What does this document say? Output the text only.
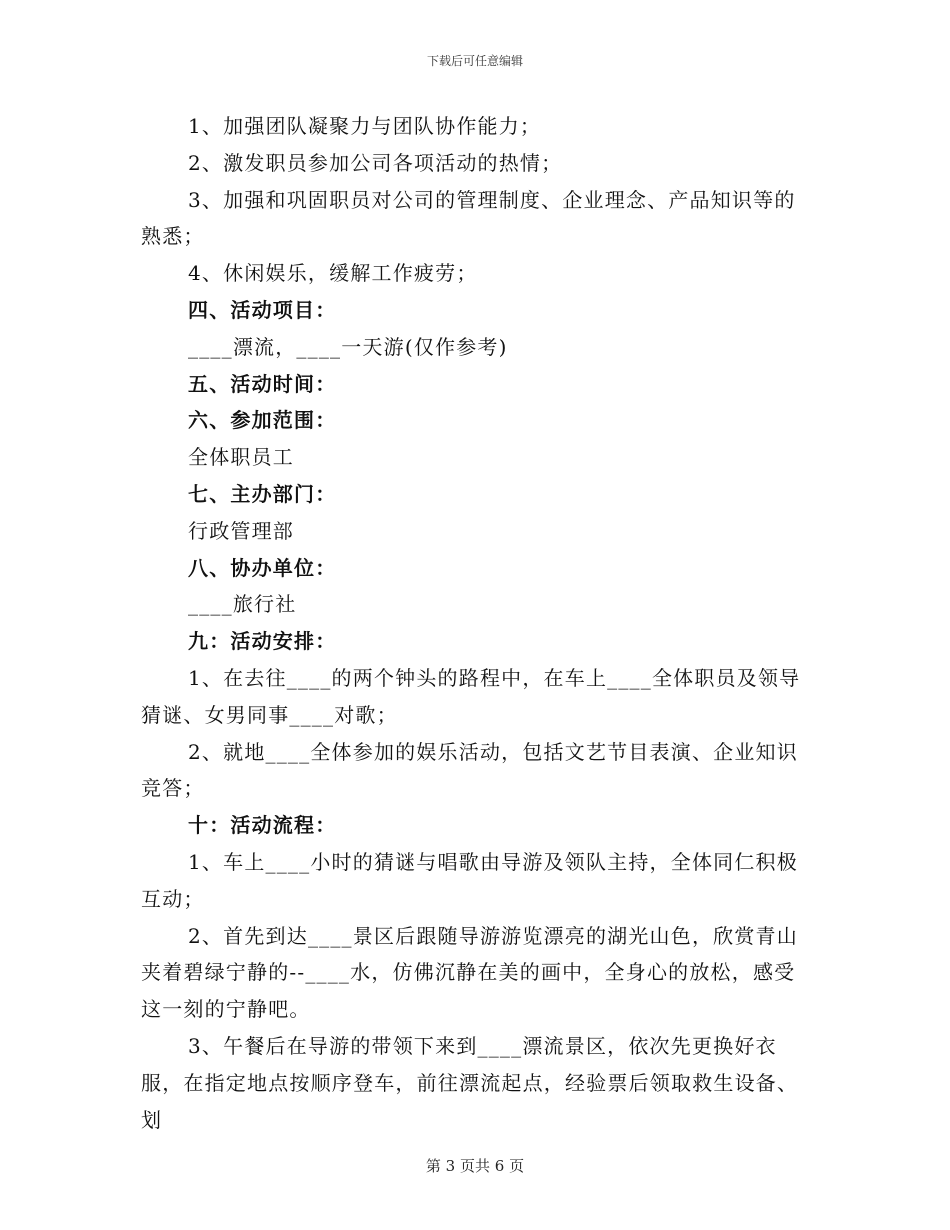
下载后可任意编辑

1、加强团队凝聚力与团队协作能力；

2、激发职员参加公司各项活动的热情；

3、加强和巩固职员对公司的管理制度、企业理念、产品知识等的熟悉；

4、休闲娱乐，缓解工作疲劳；

四、活动项目：

____漂流，____一天游(仅作参考)

五、活动时间：

六、参加范围：

全体职员工

七、主办部门：

行政管理部

八、协办单位：

____旅行社

九：活动安排：

1、在去往____的两个钟头的路程中，在车上____全体职员及领导猜谜、女男同事____对歌；

2、就地____全体参加的娱乐活动，包括文艺节目表演、企业知识竞答；

十：活动流程：

1、车上____小时的猜谜与唱歌由导游及领队主持，全体同仁积极互动；

2、首先到达____景区后跟随导游游览漂亮的湖光山色，欣赏青山夹着碧绿宁静的--____水，仿佛沉静在美的画中，全身心的放松，感受这一刻的宁静吧。

3、午餐后在导游的带领下来到____漂流景区，依次先更换好衣服，在指定地点按顺序登车，前往漂流起点，经验票后领取救生设备、划

第 3 页共 6 页
